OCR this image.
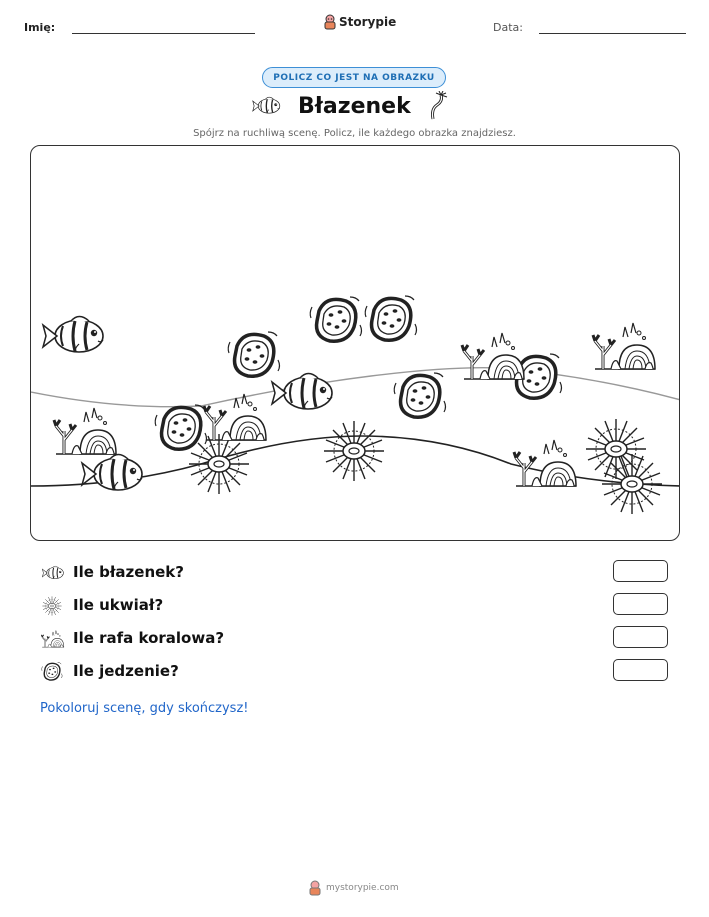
Imię:	Storypie	Data:
POLICZ CO JEST NA OBRAZKU
Błazenek
Spójrz na ruchliwą scenę. Policz, ile każdego obrazka znajdziesz.
Ile błazenek?
Ile ukwiał?
Ile rafa koralowa?
Ile jedzenie?
Pokoloruj scenę, gdy skończysz!
mystorypie.com
